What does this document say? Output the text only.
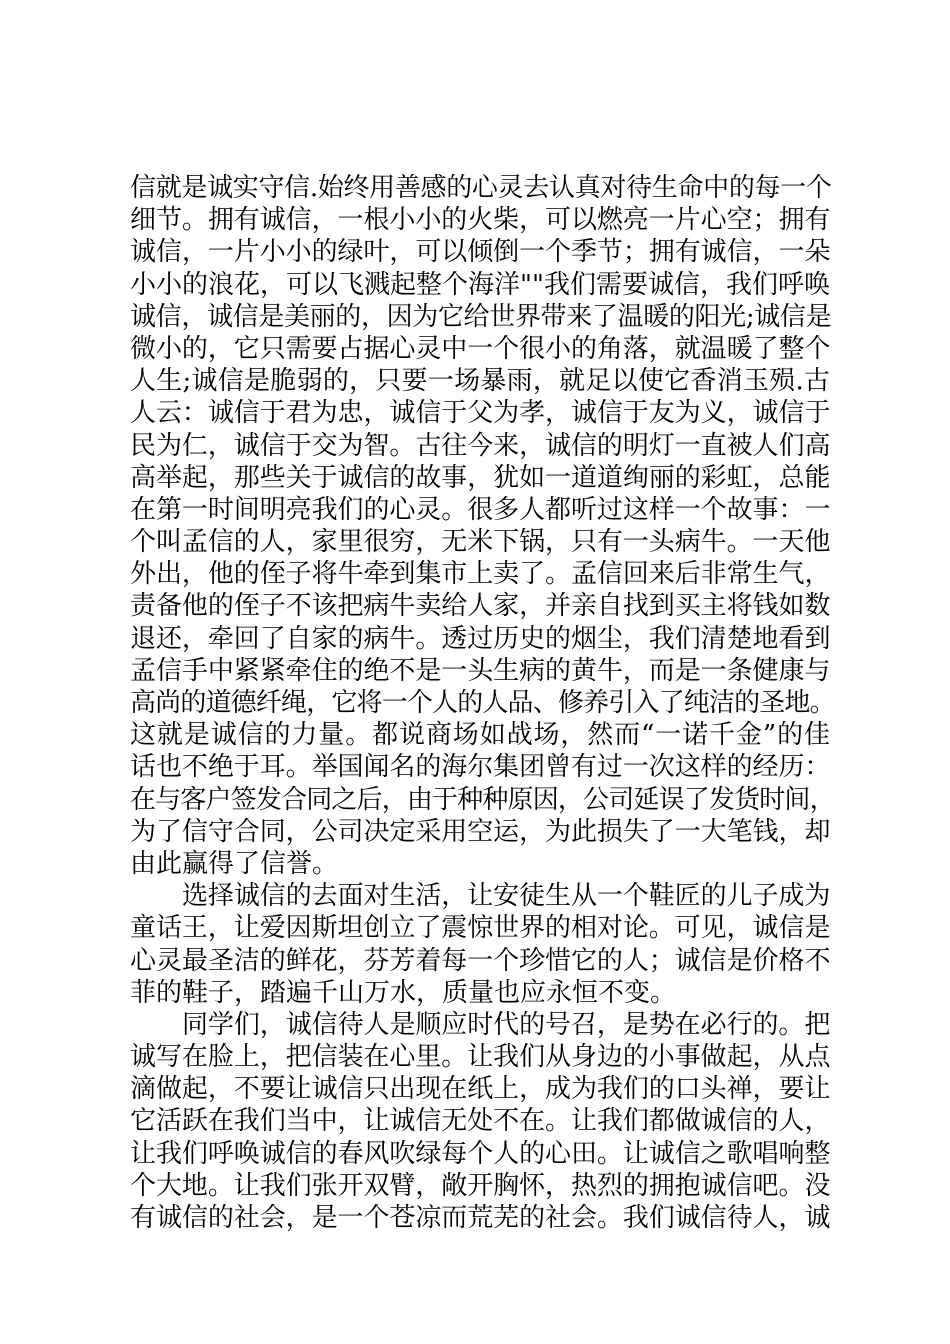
信就是诚实守信.始终用善感的心灵去认真对待生命中的每一个
细节。拥有诚信，一根小小的火柴，可以燃亮一片心空；拥有
诚信，一片小小的绿叶，可以倾倒一个季节；拥有诚信，一朵
小小的浪花，可以飞溅起整个海洋""我们需要诚信，我们呼唤
诚信，诚信是美丽的，因为它给世界带来了温暖的阳光;诚信是
微小的，它只需要占据心灵中一个很小的角落，就温暖了整个
人生;诚信是脆弱的，只要一场暴雨，就足以使它香消玉殒.古
人云：诚信于君为忠，诚信于父为孝，诚信于友为义，诚信于
民为仁，诚信于交为智。古往今来，诚信的明灯一直被人们高
高举起，那些关于诚信的故事，犹如一道道绚丽的彩虹，总能
在第一时间明亮我们的心灵。很多人都听过这样一个故事：一
个叫孟信的人，家里很穷，无米下锅，只有一头病牛。一天他
外出，他的侄子将牛牵到集市上卖了。孟信回来后非常生气，
责备他的侄子不该把病牛卖给人家，并亲自找到买主将钱如数
退还，牵回了自家的病牛。透过历史的烟尘，我们清楚地看到
孟信手中紧紧牵住的绝不是一头生病的黄牛，而是一条健康与
高尚的道德纤绳，它将一个人的人品、修养引入了纯洁的圣地。
这就是诚信的力量。都说商场如战场，然而“一诺千金”的佳
话也不绝于耳。举国闻名的海尔集团曾有过一次这样的经历：
在与客户签发合同之后，由于种种原因，公司延误了发货时间，
为了信守合同，公司决定采用空运，为此损失了一大笔钱，却
由此赢得了信誉。
选择诚信的去面对生活，让安徒生从一个鞋匠的儿子成为
童话王，让爱因斯坦创立了震惊世界的相对论。可见，诚信是
心灵最圣洁的鲜花，芬芳着每一个珍惜它的人；诚信是价格不
菲的鞋子，踏遍千山万水，质量也应永恒不变。
同学们，诚信待人是顺应时代的号召，是势在必行的。把
诚写在脸上，把信装在心里。让我们从身边的小事做起，从点
滴做起，不要让诚信只出现在纸上，成为我们的口头禅，要让
它活跃在我们当中，让诚信无处不在。让我们都做诚信的人，
让我们呼唤诚信的春风吹绿每个人的心田。让诚信之歌唱响整
个大地。让我们张开双臂，敞开胸怀，热烈的拥抱诚信吧。没
有诚信的社会，是一个苍凉而荒芜的社会。我们诚信待人，诚
